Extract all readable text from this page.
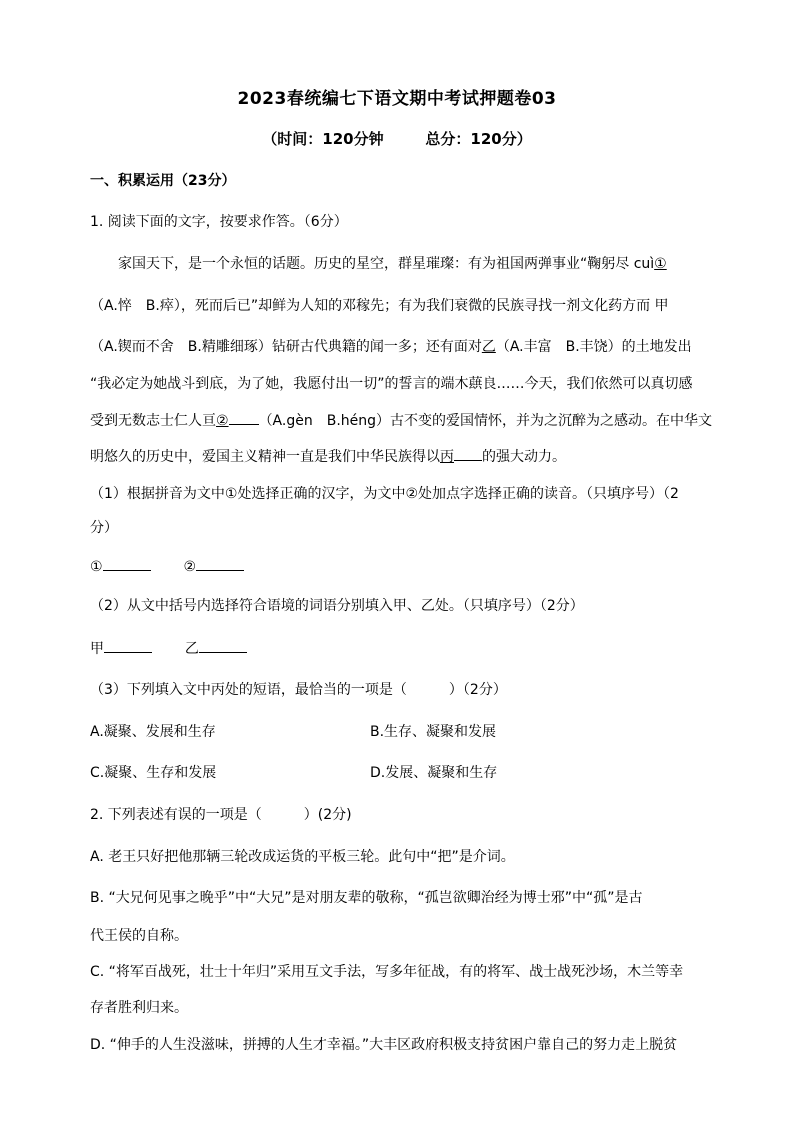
2023春统编七下语文期中考试押题卷03
（时间：120分钟        总分：120分）
一、积累运用（23分）
1. 阅读下面的文字，按要求作答。（6分）
家国天下，是一个永恒的话题。历史的星空，群星璀璨：有为祖国两弹事业“鞠躬尽 cuì①
（A.悴　B.瘁），死而后已”却鲜为人知的邓稼先；有为我们衰微的民族寻找一剂文化药方而 甲
（A.锲而不舍　B.精雕细琢）钻研古代典籍的闻一多；还有面对乙（A.丰富　B.丰饶）的土地发出
“我必定为她战斗到底，为了她，我愿付出一切”的誓言的端木蕻良……今天，我们依然可以真切感
受到无数志士仁人亘② （A.gèn　B.héng）古不变的爱国情怀，并为之沉醉为之感动。在中华文
明悠久的历史中，爱国主义精神一直是我们中华民族得以丙 的强大动力。
（1）根据拼音为文中①处选择正确的汉字，为文中②处加点字选择正确的读音。（只填序号）（2
分）
①	②
（2）从文中括号内选择符合语境的词语分别填入甲、乙处。（只填序号）（2分）
甲	乙
（3）下列填入文中丙处的短语，最恰当的一项是（　　　）（2分）
A.凝聚、发展和生存	B.生存、凝聚和发展
C.凝聚、生存和发展	D.发展、凝聚和生存
2. 下列表述有误的一项是（　　　）(2分)
A. 老王只好把他那辆三轮改成运货的平板三轮。此句中“把”是介词。
B. “大兄何见事之晚乎”中“大兄”是对朋友辈的敬称，“孤岂欲卿治经为博士邪”中“孤”是古
代王侯的自称。
C. “将军百战死，壮士十年归”采用互文手法，写多年征战，有的将军、战士战死沙场，木兰等幸
存者胜利归来。
D. “伸手的人生没滋味，拼搏的人生才幸福。”大丰区政府积极支持贫困户靠自己的努力走上脱贫
